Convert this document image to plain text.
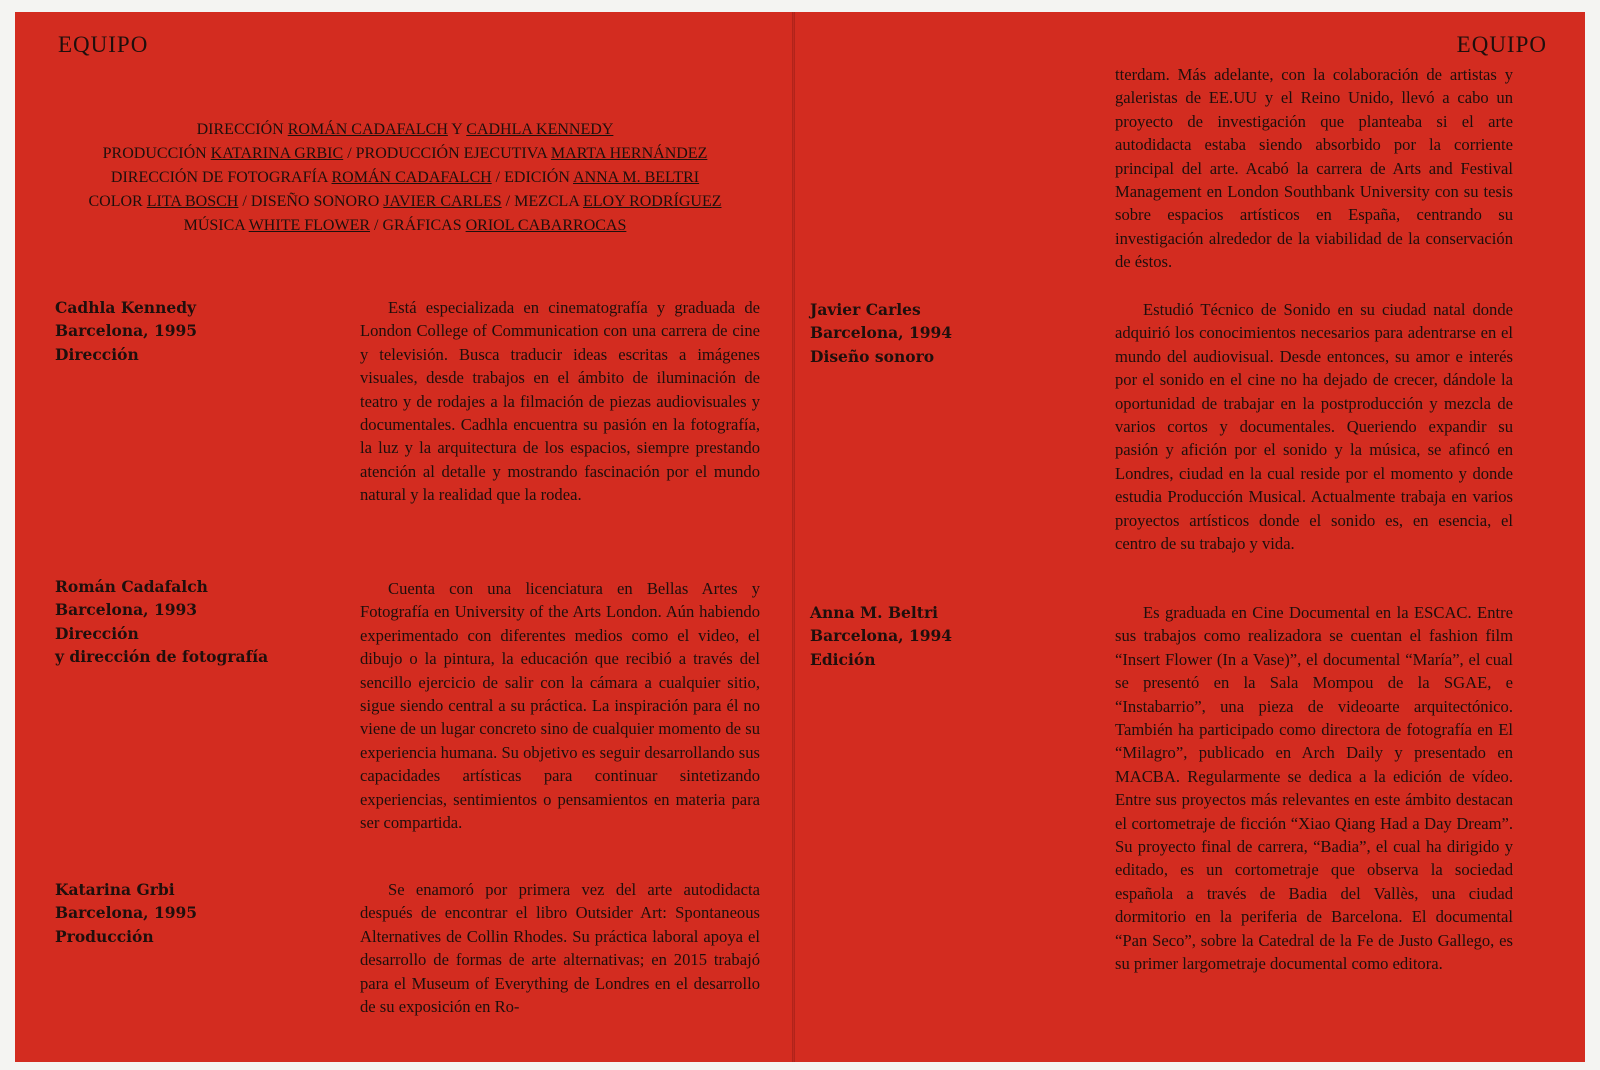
EQUIPO
DIRECCIÓN ROMÁN CADAFALCH Y CADHLA KENNEDY
PRODUCCIÓN KATARINA GRBIC / PRODUCCIÓN EJECUTIVA MARTA HERNÁNDEZ
DIRECCIÓN DE FOTOGRAFÍA ROMÁN CADAFALCH / EDICIÓN ANNA M. BELTRI
COLOR LITA BOSCH / DISEÑO SONORO JAVIER CARLES / MEZCLA ELOY RODRÍGUEZ
MÚSICA WHITE FLOWER / GRÁFICAS ORIOL CABARROCAS
Cadhla Kennedy
Barcelona, 1995
Dirección

Está especializada en cinematografía y graduada de London College of Communication con una carrera de cine y televisión. Busca traducir ideas escritas a imágenes visuales, desde trabajos en el ámbito de iluminación de teatro y de rodajes a la filmación de piezas audiovisuales y documentales. Cadhla encuentra su pasión en la fotografía, la luz y la arquitectura de los espacios, siempre prestando atención al detalle y mostrando fascinación por el mundo natural y la realidad que la rodea.

Román Cadafalch
Barcelona, 1993
Dirección
y dirección de fotografía

Cuenta con una licenciatura en Bellas Artes y Fotografía en University of the Arts London. Aún habiendo experimentado con diferentes medios como el video, el dibujo o la pintura, la educación que recibió a través del sencillo ejercicio de salir con la cámara a cualquier sitio, sigue siendo central a su práctica. La inspiración para él no viene de un lugar concreto sino de cualquier momento de su experiencia humana. Su objetivo es seguir desarrollando sus capacidades artísticas para continuar sintetizando experiencias, sentimientos o pensamientos en materia para ser compartida.

Katarina Grbi
Barcelona, 1995
Producción

Se enamoró por primera vez del arte autodidacta después de encontrar el libro Outsider Art: Spontaneous Alternatives de Collin Rhodes. Su práctica laboral apoya el desarrollo de formas de arte alternativas; en 2015 trabajó para el Museum of Everything de Londres en el desarrollo de su exposición en Ro-

EQUIPO

tterdam. Más adelante, con la colaboración de artistas y galeristas de EE.UU y el Reino Unido, llevó a cabo un proyecto de investigación que planteaba si el arte autodidacta estaba siendo absorbido por la corriente principal del arte. Acabó la carrera de Arts and Festival Management en London Southbank University con su tesis sobre espacios artísticos en España, centrando su investigación alrededor de la viabilidad de la conservación de éstos.

Javier Carles
Barcelona, 1994
Diseño sonoro

Estudió Técnico de Sonido en su ciudad natal donde adquirió los conocimientos necesarios para adentrarse en el mundo del audiovisual. Desde entonces, su amor e interés por el sonido en el cine no ha dejado de crecer, dándole la oportunidad de trabajar en la postproducción y mezcla de varios cortos y documentales. Queriendo expandir su pasión y afición por el sonido y la música, se afincó en Londres, ciudad en la cual reside por el momento y donde estudia Producción Musical. Actualmente trabaja en varios proyectos artísticos donde el sonido es, en esencia, el centro de su trabajo y vida.

Anna M. Beltri
Barcelona, 1994
Edición

Es graduada en Cine Documental en la ESCAC. Entre sus trabajos como realizadora se cuentan el fashion film “Insert Flower (In a Vase)”, el documental “María”, el cual se presentó en la Sala Mompou de la SGAE, e “Instabarrio”, una pieza de videoarte arquitectónico. También ha participado como directora de fotografía en El “Milagro”, publicado en Arch Daily y presentado en MACBA. Regularmente se dedica a la edición de vídeo. Entre sus proyectos más relevantes en este ámbito destacan el cortometraje de ficción “Xiao Qiang Had a Day Dream”. Su proyecto final de carrera, “Badia”, el cual ha dirigido y editado, es un cortometraje que observa la sociedad española a través de Badia del Vallès, una ciudad dormitorio en la periferia de Barcelona. El documental “Pan Seco”, sobre la Catedral de la Fe de Justo Gallego, es su primer largometraje documental como editora.
